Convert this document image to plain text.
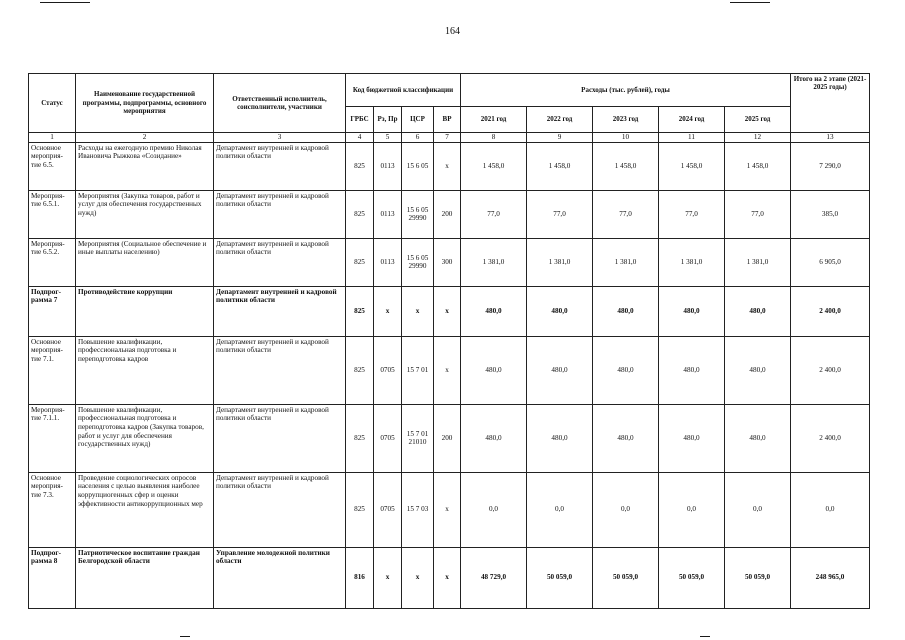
164
Статус	Наименование государственной программы, подпрограммы, основного мероприятия	Ответственный исполнитель, соисполнители, участники	Код бюджетной классификации				Расходы (тыс. рублей), годы					Итого на 2 этапе (2021-2025 годы)
			ГРБС	Рз, Пр	ЦСР	ВР	2021 год	2022 год	2023 год	2024 год	2025 год	
1	2	3	4	5	6	7	8	9	10	11	12	13
Основное мероприя-тие 6.5.	Расходы на ежегодную премию Николая Ивановича Рыжкова «Созидание»	Департамент внутренней и кадровой политики области	825	0113	15 6 05	х	1 458,0	1 458,0	1 458,0	1 458,0	1 458,0	7 290,0
Мероприя-тие 6.5.1.	Мероприятия (Закупка товаров, работ и услуг для обеспечения государственных нужд)	Департамент внутренней и кадровой политики области	825	0113	15 6 05 29990	200	77,0	77,0	77,0	77,0	77,0	385,0
Мероприя-тие 6.5.2.	Мероприятия (Социальное обеспечение и иные выплаты населению)	Департамент внутренней и кадровой политики области	825	0113	15 6 05 29990	300	1 381,0	1 381,0	1 381,0	1 381,0	1 381,0	6 905,0
Подпрог-рамма 7	Противодействие коррупции	Департамент внутренней и кадровой политики области	825	х	х	х	480,0	480,0	480,0	480,0	480,0	2 400,0
Основное мероприя-тие 7.1.	Повышение квалификации, профессиональная подготовка и переподготовка кадров	Департамент внутренней и кадровой политики области	825	0705	15 7 01	х	480,0	480,0	480,0	480,0	480,0	2 400,0
Мероприя-тие 7.1.1.	Повышение квалификации, профессиональная подготовка и переподготовка кадров (Закупка товаров, работ и услуг для обеспечения государственных нужд)	Департамент внутренней и кадровой политики области	825	0705	15 7 01 21010	200	480,0	480,0	480,0	480,0	480,0	2 400,0
Основное мероприя-тие 7.3.	Проведение социологических опросов населения с целью выявления наиболее коррупциогенных сфер и оценки эффективности антикоррупционных мер	Департамент внутренней и кадровой политики области	825	0705	15 7 03	х	0,0	0,0	0,0	0,0	0,0	0,0
Подпрог-рамма 8	Патриотическое воспитание граждан Белгородской области	Управление молодежной политики области	816	х	х	х	48 729,0	50 059,0	50 059,0	50 059,0	50 059,0	248 965,0
